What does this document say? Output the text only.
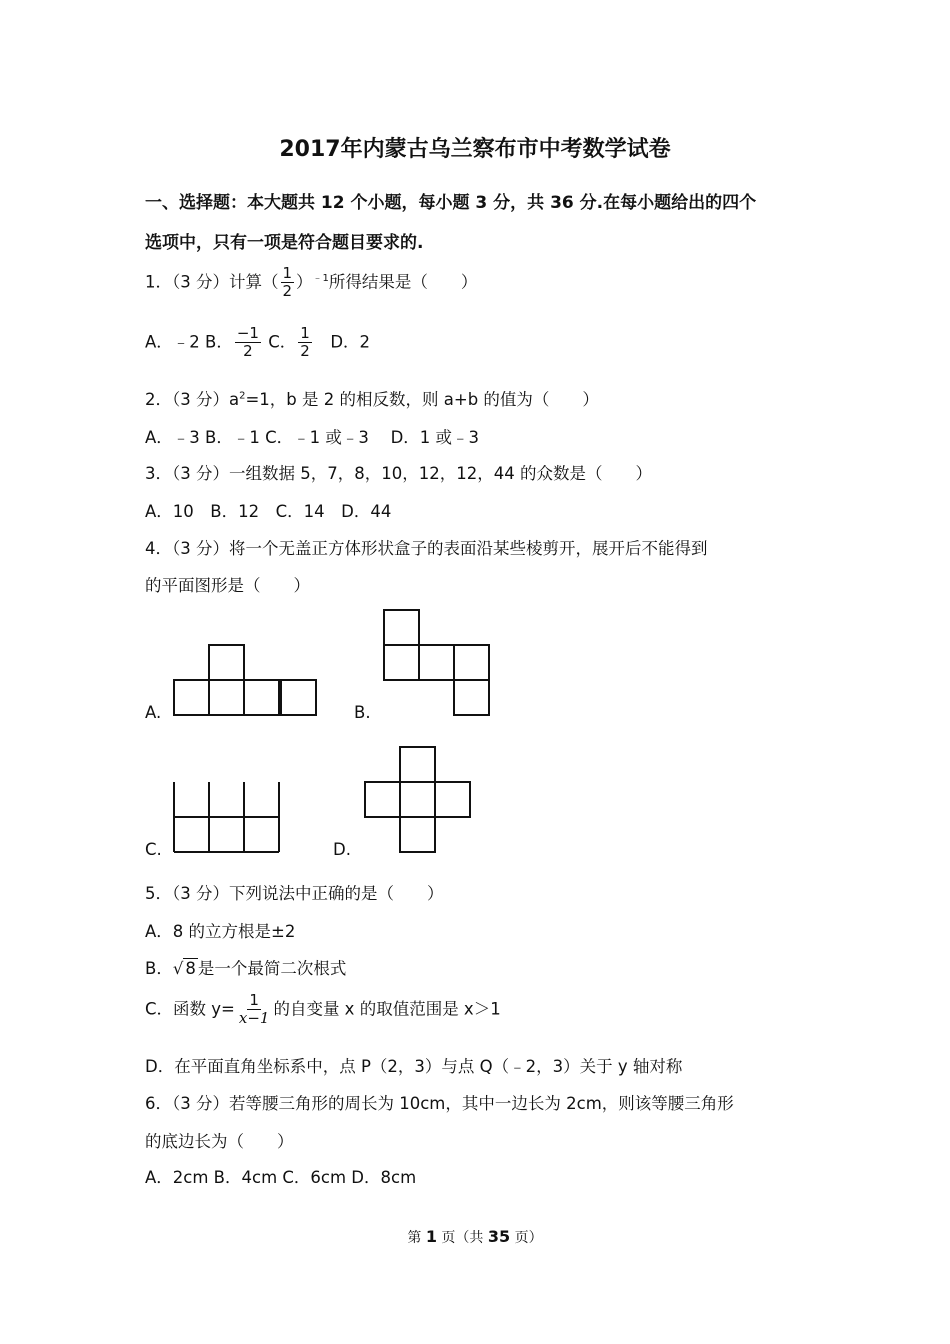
2017年内蒙古乌兰察布市中考数学试卷
一、选择题：本大题共 12 个小题，每小题 3 分，共 36 分.在每小题给出的四个
选项中，只有一项是符合题目要求的.
1．（3 分）计算（ $\frac{1}{2} )^{﹣1}$所得结果是（　　）
A．﹣2 B． $\frac{-1}{2}$ C． $\frac{1}{2}$ 　D．2
2．（3 分）$a^2=1$，b 是 2 的相反数，则 a+b 的值为（　　）
A．﹣3 B．﹣1 C．﹣1 或﹣3　 D．1 或﹣3
3．（3 分）一组数据 5，7，8，10，12，12，44 的众数是（　　）
A．10　B．12　C．14　D．44
4．（3 分）将一个无盖正方体形状盒子的表面沿某些棱剪开，展开后不能得到
的平面图形是（　　）
A.	B.
C.	D.
5．（3 分）下列说法中正确的是（　　）
A．8 的立方根是±2
B．√ 8 是一个最简二次根式
C．函数 $y= \frac{1}{x-1}$ 的自变量 x 的取值范围是 x＞1
D．在平面直角坐标系中，点 P（2，3）与点 Q（﹣2，3）关于 y 轴对称
6．（3 分）若等腰三角形的周长为 10cm，其中一边长为 2cm，则该等腰三角形
的底边长为（　　）
A．2cm B．4cm C．6cm D．8cm
第 1 页（共 35 页）
